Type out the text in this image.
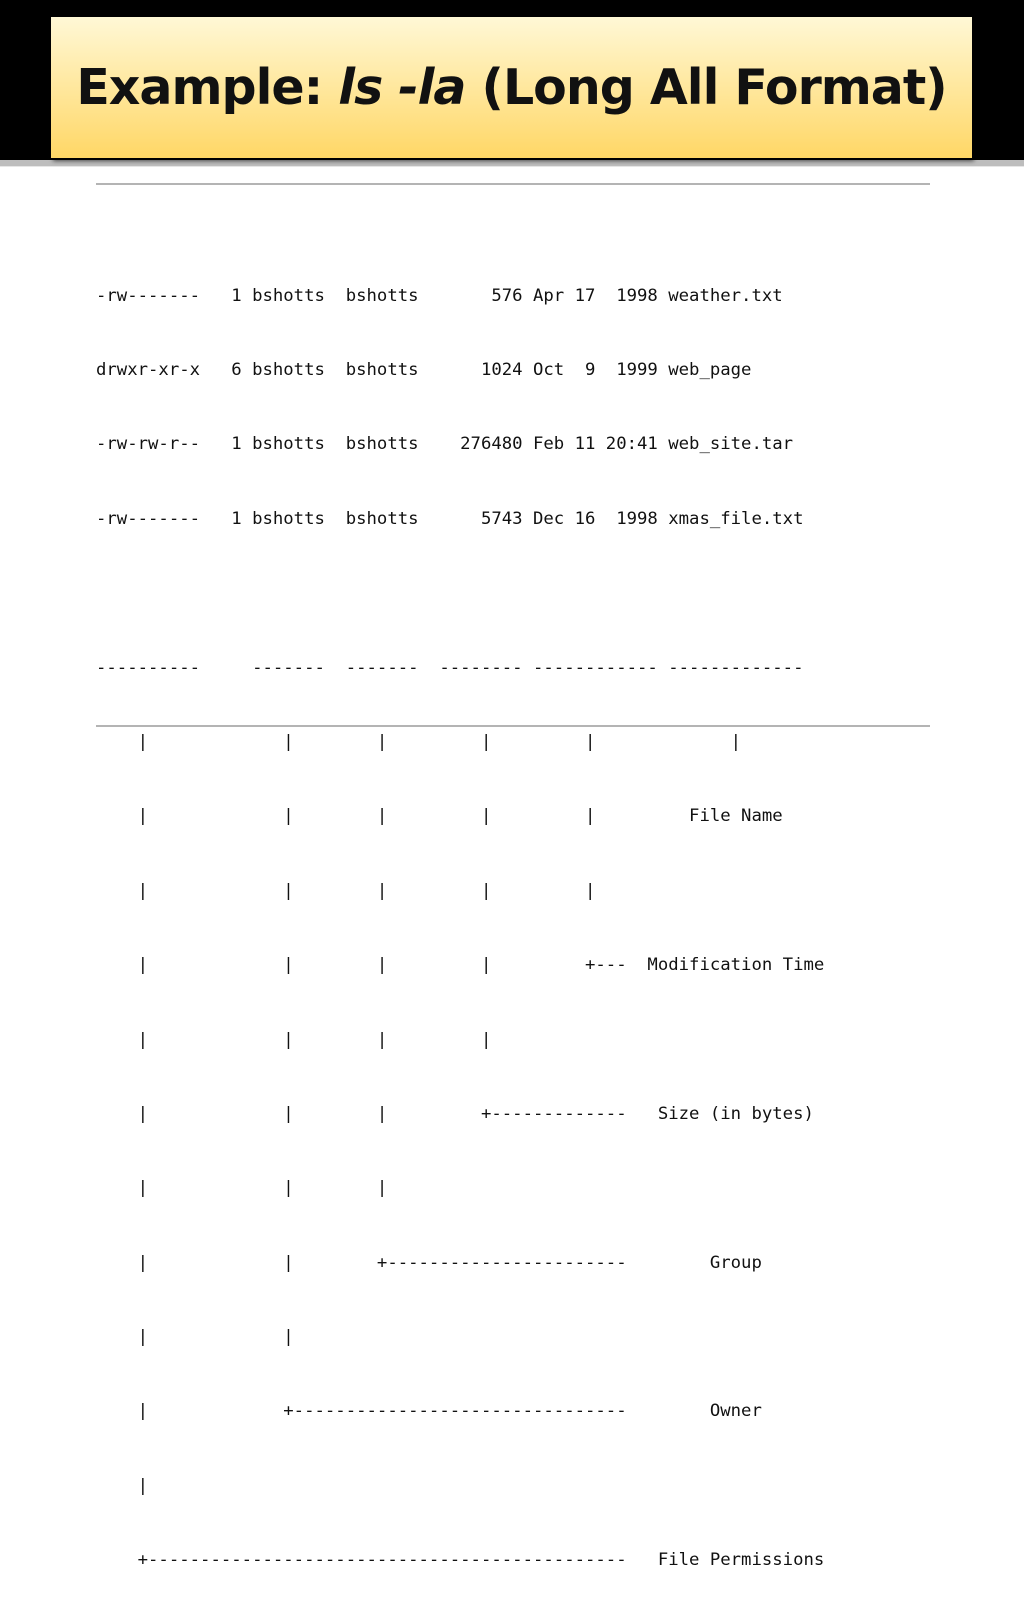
Example: ls -la (Long All Format)

-rw-------   1 bshotts  bshotts       576 Apr 17  1998 weather.txt

drwxr-xr-x   6 bshotts  bshotts      1024 Oct  9  1999 web_page

-rw-rw-r--   1 bshotts  bshotts    276480 Feb 11 20:41 web_site.tar

-rw-------   1 bshotts  bshotts      5743 Dec 16  1998 xmas_file.txt

----------     -------  -------  -------- ------------ -------------

|             |        |         |         |             |

|             |        |         |         |         File Name

|             |        |         |         |

|             |        |         |         +---  Modification Time

|             |        |         |

|             |        |         +-------------   Size (in bytes)

|             |        |

|             |        +-----------------------        Group

|             |

|             +--------------------------------        Owner

|

+----------------------------------------------   File Permissions
